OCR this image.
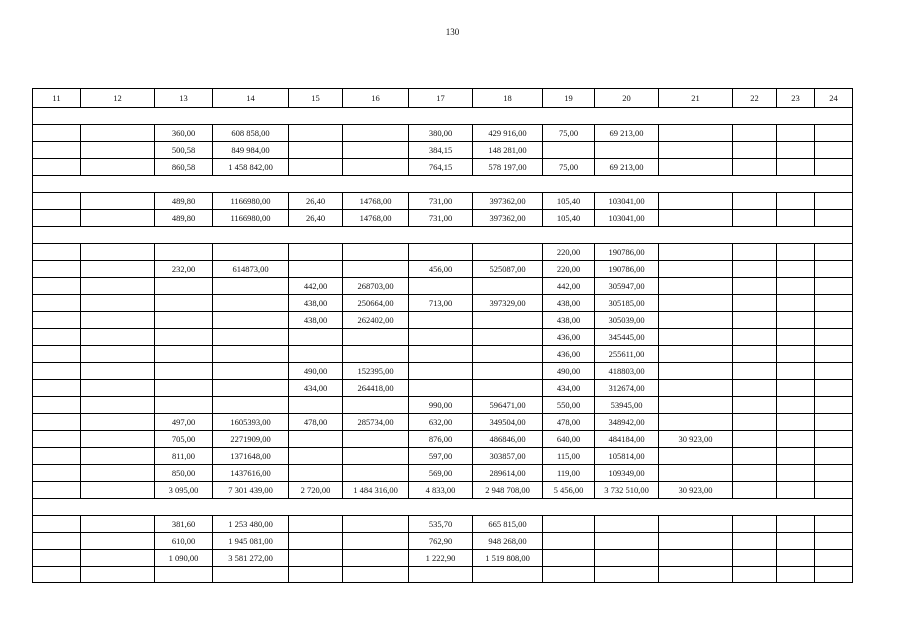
130
11	12	13	14	15	16	17	18	19	20	21	22	23	24

		360,00	608 858,00			380,00	429 916,00	75,00	69 213,00				
		500,58	849 984,00			384,15	148 281,00						
		860,58	1 458 842,00			764,15	578 197,00	75,00	69 213,00				

		489,80	1166980,00	26,40	14768,00	731,00	397362,00	105,40	103041,00				
		489,80	1166980,00	26,40	14768,00	731,00	397362,00	105,40	103041,00				

								220,00	190786,00				
		232,00	614873,00			456,00	525087,00	220,00	190786,00				
				442,00	268703,00			442,00	305947,00				
				438,00	250664,00	713,00	397329,00	438,00	305185,00				
				438,00	262402,00			438,00	305039,00				
								436,00	345445,00				
								436,00	255611,00				
				490,00	152395,00			490,00	418803,00				
				434,00	264418,00			434,00	312674,00				
						990,00	596471,00	550,00	53945,00				
		497,00	1605393,00	478,00	285734,00	632,00	349504,00	478,00	348942,00				
		705,00	2271909,00			876,00	486846,00	640,00	484184,00	30 923,00			
		811,00	1371648,00			597,00	303857,00	115,00	105814,00				
		850,00	1437616,00			569,00	289614,00	119,00	109349,00				
		3 095,00	7 301 439,00	2 720,00	1 484 316,00	4 833,00	2 948 708,00	5 456,00	3 732 510,00	30 923,00			

		381,60	1 253 480,00			535,70	665 815,00						
		610,00	1 945 081,00			762,90	948 268,00						
		1 090,00	3 581 272,00			1 222,90	1 519 808,00						
